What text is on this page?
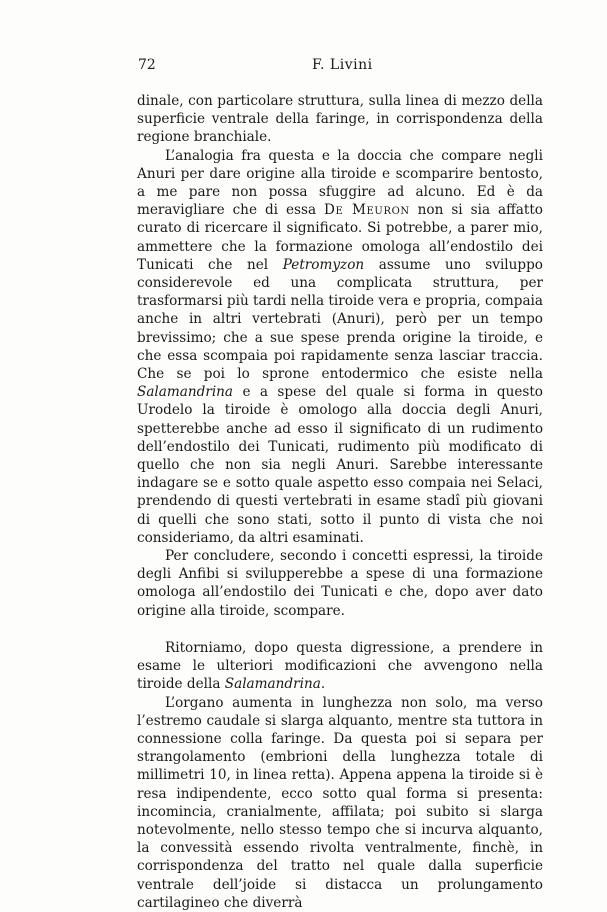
72	F. Livini

dinale, con particolare struttura, sulla linea di mezzo della superficie ventrale della faringe, in corrispondenza della regione branchiale.

L’analogia fra questa e la doccia che compare negli Anuri per dare origine alla tiroide e scomparire bentosto, a me pare non possa sfuggire ad alcuno. Ed è da meravigliare che di essa De Meuron non si sia affatto curato di ricercare il significato. Si potrebbe, a parer mio, ammettere che la formazione omologa all’endostilo dei Tunicati che nel Petromyzon assume uno sviluppo considerevole ed una complicata struttura, per trasformarsi più tardi nella tiroide vera e propria, compaia anche in altri vertebrati (Anuri), però per un tempo brevissimo; che a sue spese prenda origine la tiroide, e che essa scompaia poi rapidamente senza lasciar traccia. Che se poi lo sprone entodermico che esiste nella Salamandrina e a spese del quale si forma in questo Urodelo la tiroide è omologo alla doccia degli Anuri, spetterebbe anche ad esso il significato di un rudimento dell’endostilo dei Tunicati, rudimento più modificato di quello che non sia negli Anuri. Sarebbe interessante indagare se e sotto quale aspetto esso compaia nei Selaci, prendendo di questi vertebrati in esame stadî più giovani di quelli che sono stati, sotto il punto di vista che noi consideriamo, da altri esaminati.

Per concludere, secondo i concetti espressi, la tiroide degli Anfibi si svilupperebbe a spese di una formazione omologa all’endostilo dei Tunicati e che, dopo aver dato origine alla tiroide, scompare.

Ritorniamo, dopo questa digressione, a prendere in esame le ulteriori modificazioni che avvengono nella tiroide della Salamandrina.

L’organo aumenta in lunghezza non solo, ma verso l’estremo caudale si slarga alquanto, mentre sta tuttora in connessione colla faringe. Da questa poi si separa per strangolamento (embrioni della lunghezza totale di millimetri 10, in linea retta). Appena appena la tiroide si è resa indipendente, ecco sotto qual forma si presenta: incomincia, cranialmente, affilata; poi subito si slarga notevolmente, nello stesso tempo che si incurva alquanto, la convessità essendo rivolta ventralmente, finchè, in corrispondenza del tratto nel quale dalla superficie ventrale dell’joide si distacca un prolungamento cartilagineo che diverrà
